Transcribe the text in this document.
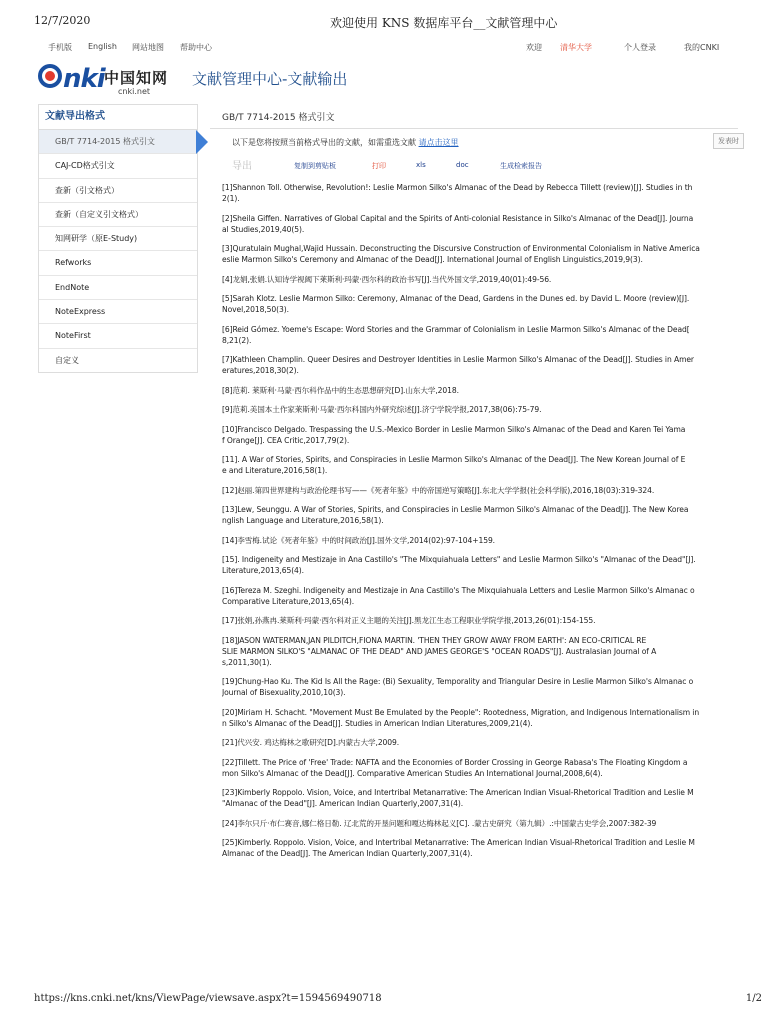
12/7/2020	欢迎使用 KNS 数据库平台__文献管理中心
手机版 English 网站地图 帮助中心	欢迎 清华大学	个人登录	我的CNKI
nki 中国知网
cnki.net
文献管理中心-文献输出
文献导出格式
GB/T 7714-2015 格式引文
CAJ-CD格式引文
查新（引文格式）
查新（自定义引文格式）
知网研学（原E-Study)
Refworks
EndNote
NoteExpress
NoteFirst
自定义
GB/T 7714-2015 格式引文
以下是您将按照当前格式导出的文献，如需重选文献 请点击这里	发表时
导出	复制到剪贴板	打印	xls	doc	生成检索报告
[1]Shannon Toll. Otherwise, Revolution!: Leslie Marmon Silko's Almanac of the Dead by Rebecca Tillett (review)[J]. Studies in th
2(1).
[2]Sheila Giffen. Narratives of Global Capital and the Spirits of Anti-colonial Resistance in Silko's Almanac of the Dead[J]. Journa
al Studies,2019,40(5).
[3]Quratulain Mughal,Wajid Hussain. Deconstructing the Discursive Construction of Environmental Colonialism in Native America
eslie Marmon Silko's Ceremony and Almanac of the Dead[J]. International Journal of English Linguistics,2019,9(3).
[4]龙娟,张娟.认知诗学视阈下莱斯利·玛蒙·西尔科的政治书写[J].当代外国文学,2019,40(01):49-56.
[5]Sarah Klotz. Leslie Marmon Silko: Ceremony, Almanac of the Dead, Gardens in the Dunes ed. by David L. Moore (review)[J].
Novel,2018,50(3).
[6]Reid Gómez. Yoeme's Escape: Word Stories and the Grammar of Colonialism in Leslie Marmon Silko's Almanac of the Dead[
8,21(2).
[7]Kathleen Champlin. Queer Desires and Destroyer Identities in Leslie Marmon Silko's Almanac of the Dead[J]. Studies in Amer
eratures,2018,30(2).
[8]范莉. 莱斯利·马蒙·西尔科作品中的生态思想研究[D].山东大学,2018.
[9]范莉.美国本土作家莱斯利·马蒙·西尔科国内外研究综述[J].济宁学院学报,2017,38(06):75-79.
[10]Francisco Delgado. Trespassing the U.S.-Mexico Border in Leslie Marmon Silko's Almanac of the Dead and Karen Tei Yama
f Orange[J]. CEA Critic,2017,79(2).
[11]. A War of Stories, Spirits, and Conspiracies in Leslie Marmon Silko's Almanac of the Dead[J]. The New Korean Journal of E
e and Literature,2016,58(1).
[12]赵丽.第四世界建构与政治伦理书写——《死者年鉴》中的帝国逆写策略[J].东北大学学报(社会科学版),2016,18(03):319-324.
[13]Lew, Seunggu. A War of Stories, Spirits, and Conspiracies in Leslie Marmon Silko's Almanac of the Dead[J]. The New Korea
nglish Language and Literature,2016,58(1).
[14]李雪梅.试论《死者年鉴》中的时间政治[J].国外文学,2014(02):97-104+159.
[15]. Indigeneity and Mestizaje in Ana Castillo's "The Mixquiahuala Letters" and Leslie Marmon Silko's "Almanac of the Dead"[J].
Literature,2013,65(4).
[16]Tereza M. Szeghi. Indigeneity and Mestizaje in Ana Castillo's The Mixquiahuala Letters and Leslie Marmon Silko's Almanac o
Comparative Literature,2013,65(4).
[17]张娟,孙燕冉.莱斯利·玛蒙·西尔科对正义主题的关注[J].黑龙江生态工程职业学院学报,2013,26(01):154-155.
[18]JASON WATERMAN,JAN PILDITCH,FIONA MARTIN. 'THEN THEY GROW AWAY FROM EARTH': AN ECO-CRITICAL RE
SLIE MARMON SILKO'S "ALMANAC OF THE DEAD" AND JAMES GEORGE'S "OCEAN ROADS"[J]. Australasian Journal of A
s,2011,30(1).
[19]Chung-Hao Ku. The Kid Is All the Rage: (Bi) Sexuality, Temporality and Triangular Desire in Leslie Marmon Silko's Almanac o
Journal of Bisexuality,2010,10(3).
[20]Miriam H. Schacht. "Movement Must Be Emulated by the People": Rootedness, Migration, and Indigenous Internationalism in
n Silko's Almanac of the Dead[J]. Studies in American Indian Literatures,2009,21(4).
[21]代兴安. 鸡达梅林之歌研究[D].内蒙古大学,2009.
[22]Tillett. The Price of 'Free' Trade: NAFTA and the Economies of Border Crossing in George Rabasa's The Floating Kingdom a
mon Silko's Almanac of the Dead[J]. Comparative American Studies An International Journal,2008,6(4).
[23]Kimberly Roppolo. Vision, Voice, and Intertribal Metanarrative: The American Indian Visual-Rhetorical Tradition and Leslie M
"Almanac of the Dead"[J]. American Indian Quarterly,2007,31(4).
[24]李尔只斤·布仁赛音,娜仁格日勒. 辽北荒的开垦问题和嘎达梅林起义[C]. .蒙古史研究（第九辑）.:中国蒙古史学会,2007:382-39
[25]Kimberly. Roppolo. Vision, Voice, and Intertribal Metanarrative: The American Indian Visual-Rhetorical Tradition and Leslie M
Almanac of the Dead[J]. The American Indian Quarterly,2007,31(4).
https://kns.cnki.net/kns/ViewPage/viewsave.aspx?t=1594569490718	1/2
